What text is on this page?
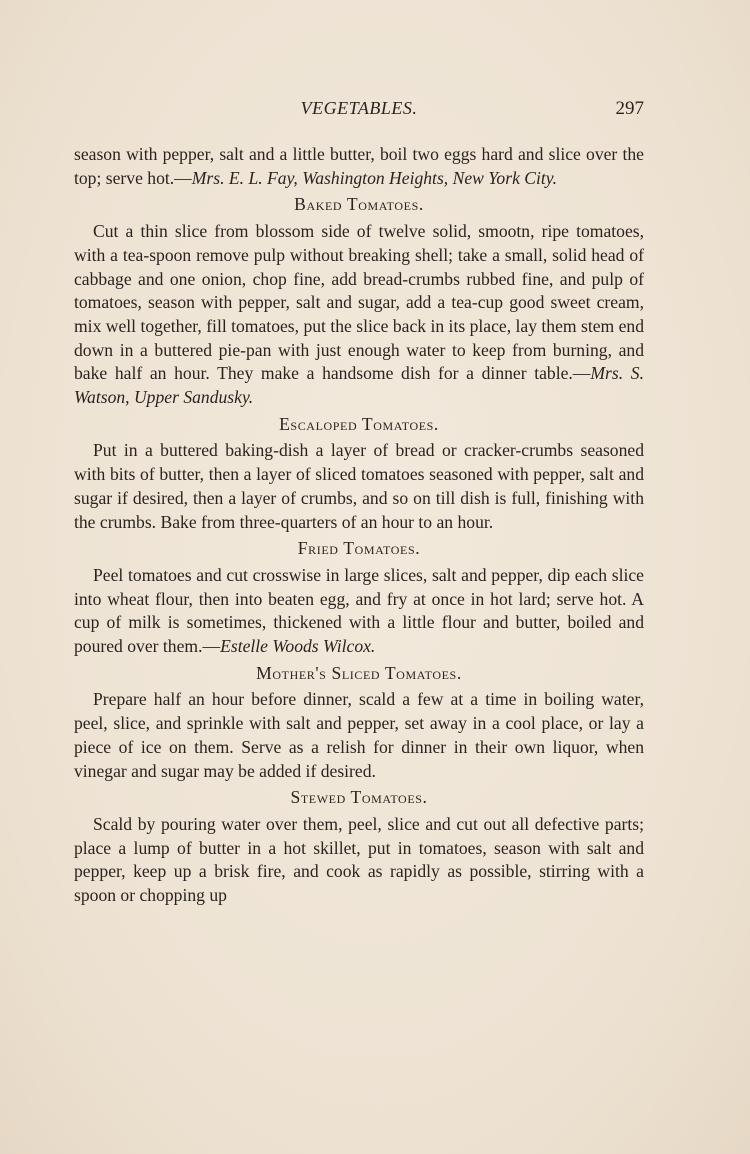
VEGETABLES.	297

season with pepper, salt and a little butter, boil two eggs hard and slice over the top; serve hot.—Mrs. E. L. Fay, Washington Heights, New York City.

Baked Tomatoes.

Cut a thin slice from blossom side of twelve solid, smootn, ripe tomatoes, with a tea-spoon remove pulp without breaking shell; take a small, solid head of cabbage and one onion, chop fine, add bread-crumbs rubbed fine, and pulp of tomatoes, season with pepper, salt and sugar, add a tea-cup good sweet cream, mix well together, fill tomatoes, put the slice back in its place, lay them stem end down in a buttered pie-pan with just enough water to keep from burning, and bake half an hour. They make a handsome dish for a dinner table.—Mrs. S. Watson, Upper Sandusky.

Escaloped Tomatoes.

Put in a buttered baking-dish a layer of bread or cracker-crumbs seasoned with bits of butter, then a layer of sliced tomatoes seasoned with pepper, salt and sugar if desired, then a layer of crumbs, and so on till dish is full, finishing with the crumbs. Bake from three-quarters of an hour to an hour.

Fried Tomatoes.

Peel tomatoes and cut crosswise in large slices, salt and pepper, dip each slice into wheat flour, then into beaten egg, and fry at once in hot lard; serve hot. A cup of milk is sometimes, thickened with a little flour and butter, boiled and poured over them.—Estelle Woods Wilcox.

Mother's Sliced Tomatoes.

Prepare half an hour before dinner, scald a few at a time in boiling water, peel, slice, and sprinkle with salt and pepper, set away in a cool place, or lay a piece of ice on them. Serve as a relish for dinner in their own liquor, when vinegar and sugar may be added if desired.

Stewed Tomatoes.

Scald by pouring water over them, peel, slice and cut out all defective parts; place a lump of butter in a hot skillet, put in tomatoes, season with salt and pepper, keep up a brisk fire, and cook as rapidly as possible, stirring with a spoon or chopping up
